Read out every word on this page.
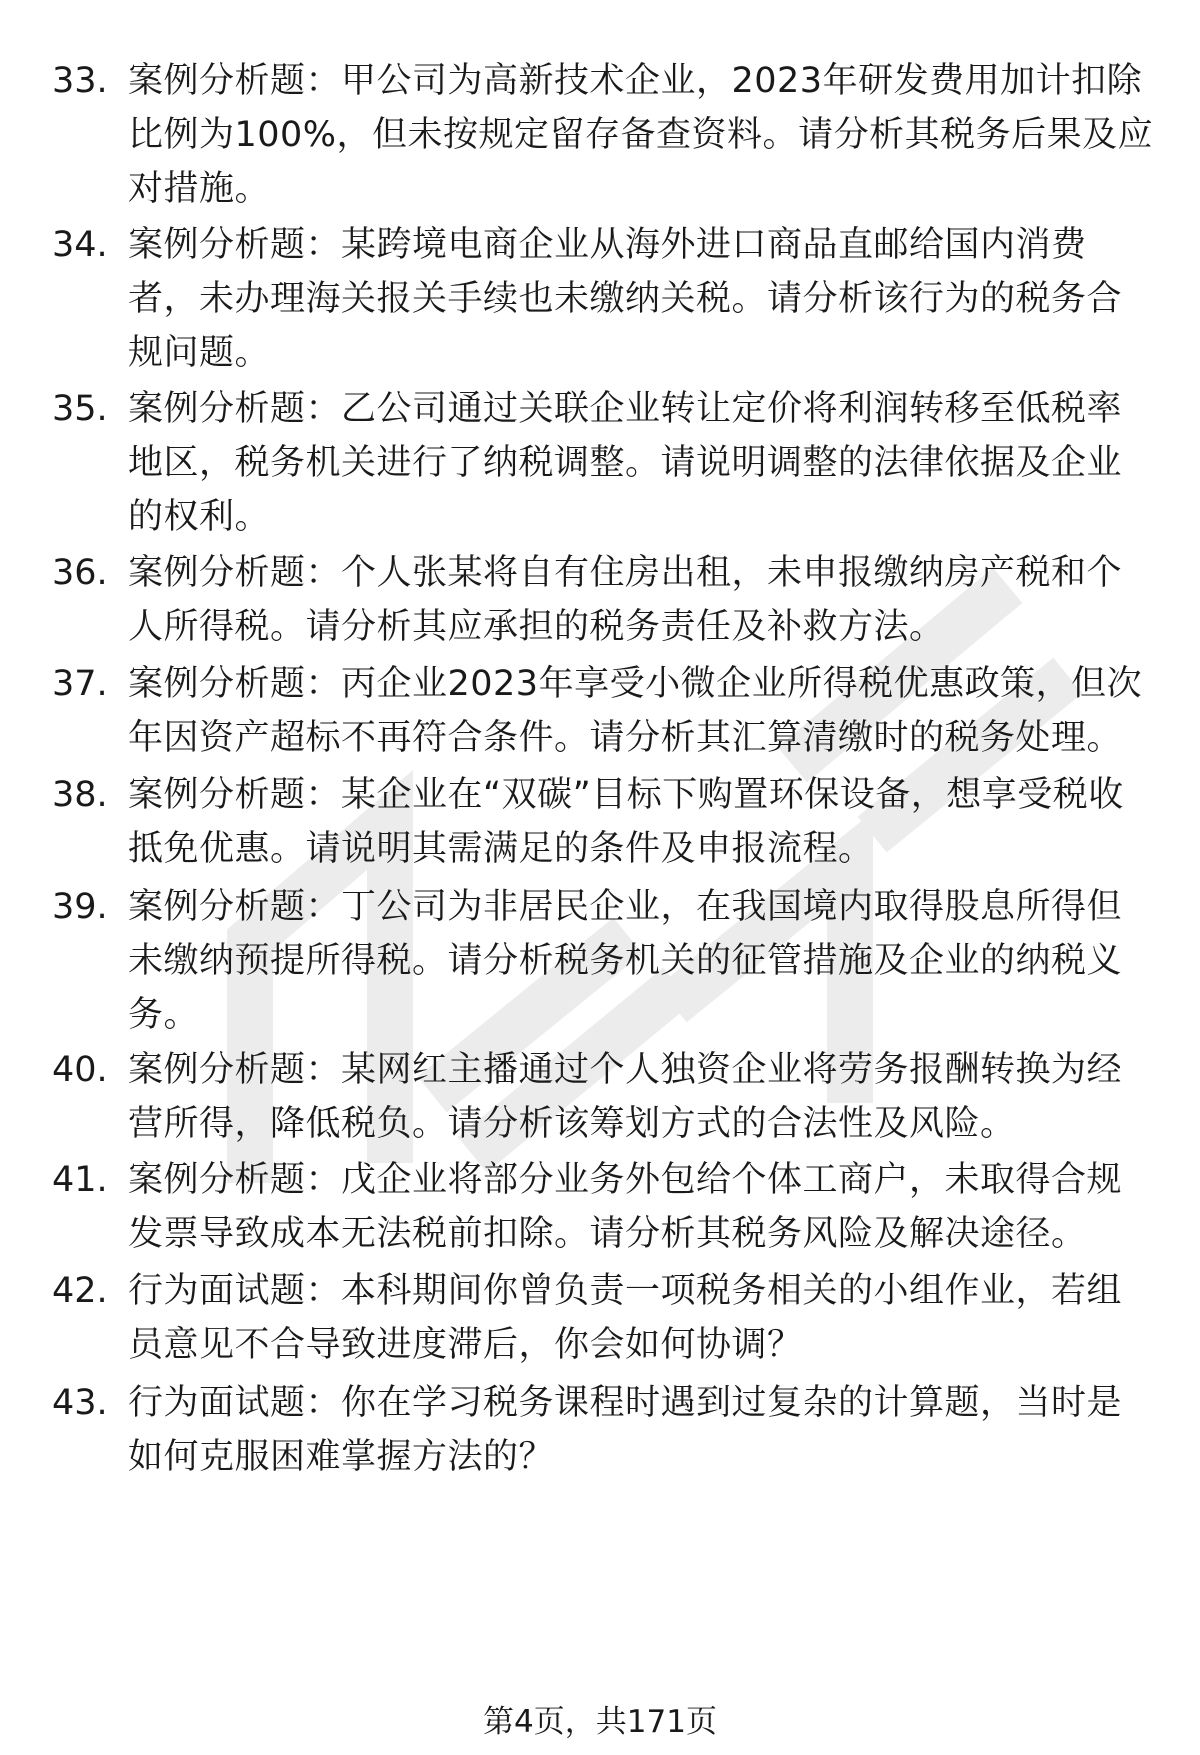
33. 案例分析题：甲公司为高新技术企业，2023年研发费用加计扣除比例为100%，但未按规定留存备查资料。请分析其税务后果及应对措施。
34. 案例分析题：某跨境电商企业从海外进口商品直邮给国内消费者，未办理海关报关手续也未缴纳关税。请分析该行为的税务合规问题。
35. 案例分析题：乙公司通过关联企业转让定价将利润转移至低税率地区，税务机关进行了纳税调整。请说明调整的法律依据及企业的权利。
36. 案例分析题：个人张某将自有住房出租，未申报缴纳房产税和个人所得税。请分析其应承担的税务责任及补救方法。
37. 案例分析题：丙企业2023年享受小微企业所得税优惠政策，但次年因资产超标不再符合条件。请分析其汇算清缴时的税务处理。
38. 案例分析题：某企业在“双碳”目标下购置环保设备，想享受税收抵免优惠。请说明其需满足的条件及申报流程。
39. 案例分析题：丁公司为非居民企业，在我国境内取得股息所得但未缴纳预提所得税。请分析税务机关的征管措施及企业的纳税义务。
40. 案例分析题：某网红主播通过个人独资企业将劳务报酬转换为经营所得，降低税负。请分析该筹划方式的合法性及风险。
41. 案例分析题：戊企业将部分业务外包给个体工商户，未取得合规发票导致成本无法税前扣除。请分析其税务风险及解决途径。
42. 行为面试题：本科期间你曾负责一项税务相关的小组作业，若组员意见不合导致进度滞后，你会如何协调？
43. 行为面试题：你在学习税务课程时遇到过复杂的计算题，当时是如何克服困难掌握方法的？
第4页，共171页
